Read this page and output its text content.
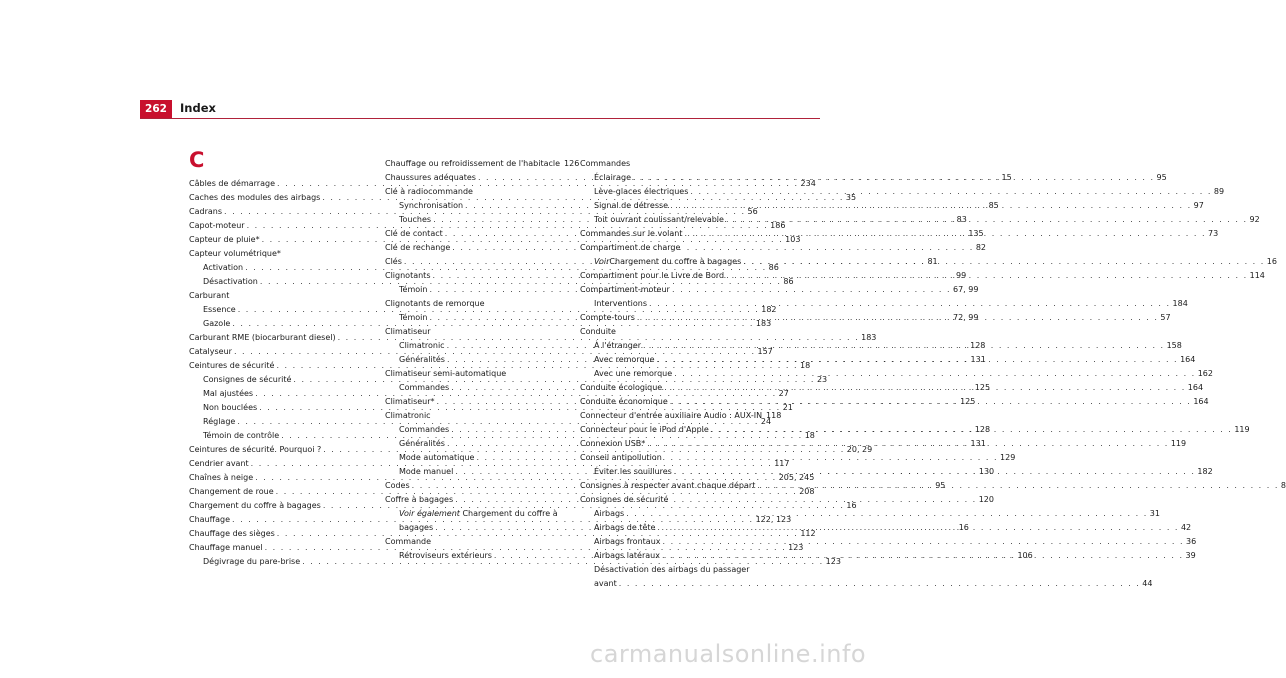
262	Index
C
Câbles de démarrage . . .	234
Caches des modules des airbags . . .	35
Cadrans . . .	56
Capot-moteur . . .	186
Capteur de pluie* . . .	103
Capteur volumétrique*
Activation . . .	86
Désactivation . . .	86
Carburant
Essence . . .	182
Gazole . . .	183
Carburant RME (biocarburant diesel) . . .	183
Catalyseur . . .	157
Ceintures de sécurité . . .	18
Consignes de sécurité . . .	23
Mal ajustées . . .	27
Non bouclées . . .	21
Réglage . . .	24
Témoin de contrôle . . .	18
Ceintures de sécurité. Pourquoi ? . . .	20, 29
Cendrier avant . . .	117
Chaînes à neige . . .	205, 245
Changement de roue . . .	208
Chargement du coffre à bagages . . .	16
Chauffage . . .	122, 123
Chauffage des sièges . . .	112
Chauffage manuel . . .	123
Dégivrage du pare-brise . . .	123
Chauffage ou refroidissement de l'habitacle 126
Chaussures adéquates . . .	15
Clé à radiocommande
Synchronisation . . .	85
Touches . . .	83
Clé de contact . . .	135
Clé de rechange . . .	82
Clés . . .	81
Clignotants . . .	99
Témoin . . .	67, 99
Clignotants de remorque
Témoin . . .	72, 99
Climatiseur
Climatronic . . .	128
Généralités . . .	131
Climatiseur semi-automatique
Commandes . . .	125
Climatiseur* . . .	125
Climatronic
Commandes . . .	128
Généralités . . .	131
Mode automatique . . .	129
Mode manuel . . .	130
Codes . . .	95
Coffre à bagages . . .	120
Voir également Chargement du coffre à
bagages . . .	16
Commande
Rétroviseurs extérieurs . . .	106
Commandes
Éclairage . . .	95
Lève-glaces électriques . . .	89
Signal de détresse . . .	97
Toit ouvrant coulissant/relevable . . .	92
Commandes sur le volant . . .	73
Compartiment de charge
Voir Chargement du coffre à bagages . . .	16
Compartiment pour le Livre de Bord . . .	114
Compartiment-moteur
Interventions . . .	184
Compte-tours . . .	57
Conduite
À l'étranger . . .	158
Avec remorque . . .	164
Avec une remorque . . .	162
Conduite écologique . . .	164
Conduite économique . . .	164
Connecteur d'entrée auxiliaire Audio : AUX-IN 118
Connecteur pour le iPod d'Apple . . .	119
Connexion USB* . . .	119
Conseil antipollution
Éviter les souillures . . .	182
Consignes à respecter avant chaque départ . . .	8
Consignes de sécurité
Airbags . . .	31
Airbags de tête . . .	42
Airbags frontaux . . .	36
Airbags latéraux . . .	39
Désactivation des airbags du passager
avant . . .	44
carmanualsonline.info
